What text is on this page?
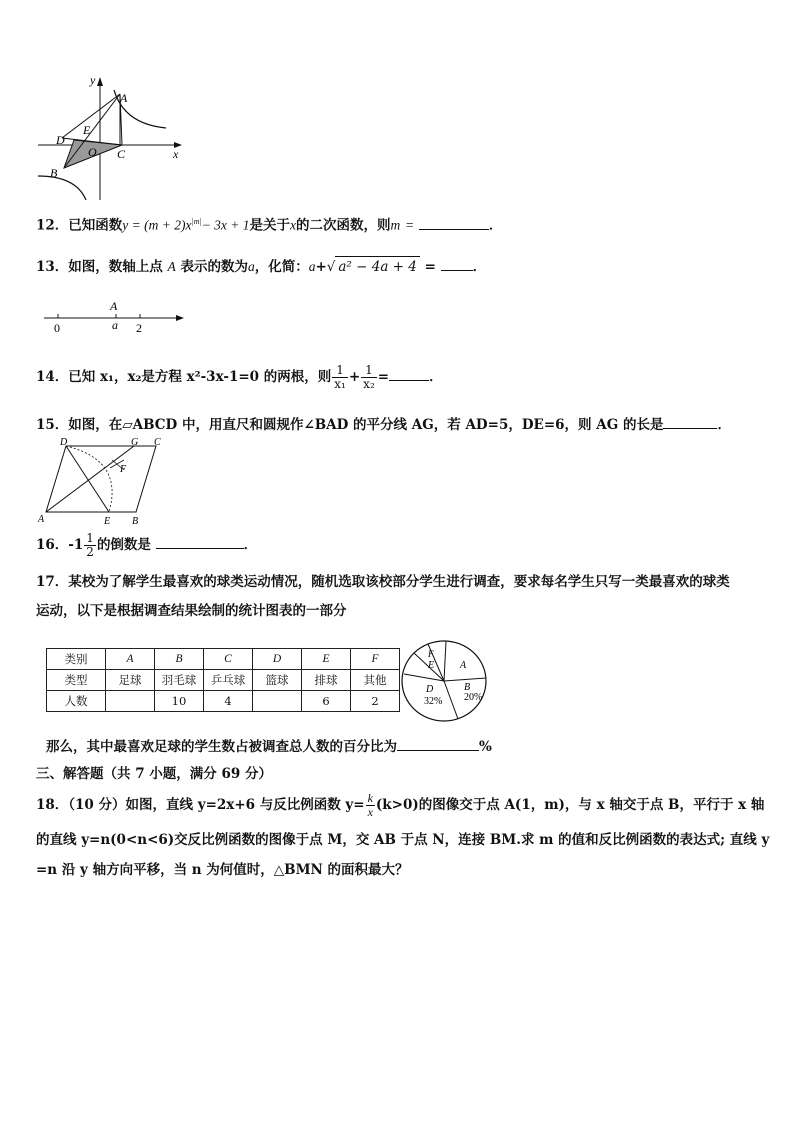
y
x
A
D
E
O C
B
12．已知函数$y = (m + 2)x^{|m|}- 3x + 1$是关于x的二次函数，则m =	．
13．如图，数轴上点 A 表示的数为a，化简：a+√ a² − 4a + 4 =	．
A
0	a 2
14．已知 x₁，x₂是方程 x²-3x-1=0 的两根，则 $\frac{1}{\text{x₁}} + \frac{1}{\text{x₂}}$ =	．
15．如图，在▱ABCD 中，用直尺和圆规作∠BAD 的平分线 AG，若 AD=5，DE=6，则 AG 的长是	．
D	G C
F
A	E B
16．$-1 \frac{1}{2}$ 的倒数是	．
17．某校为了解学生最喜欢的球类运动情况，随机选取该校部分学生进行调查，要求每名学生只写一类最喜欢的球类
运动，以下是根据调查结果绘制的统计图表的一部分
类别	A	B	C	D	E	F
类型	足球	羽毛球	乒乓球	篮球	排球	其他
人数		10	4		6	2
F
E	A
D
32%
B
20%
那么，其中最喜欢足球的学生数占被调查总人数的百分比为	%
三、解答题（共 7 小题，满分 69 分）
18．（10 分）如图，直线 y=2x+6 与反比例函数 $y= \frac{k}{x} (k>0)$的图像交于点 A(1，m)，与 x 轴交于点 B，平行于 x 轴
的直线 y=n(0<n<6)交反比例函数的图像于点 M，交 AB 于点 N，连接 BM.求 m 的值和反比例函数的表达式; 直线 y
=n 沿 y 轴方向平移，当 n 为何值时，△BMN 的面积最大？
